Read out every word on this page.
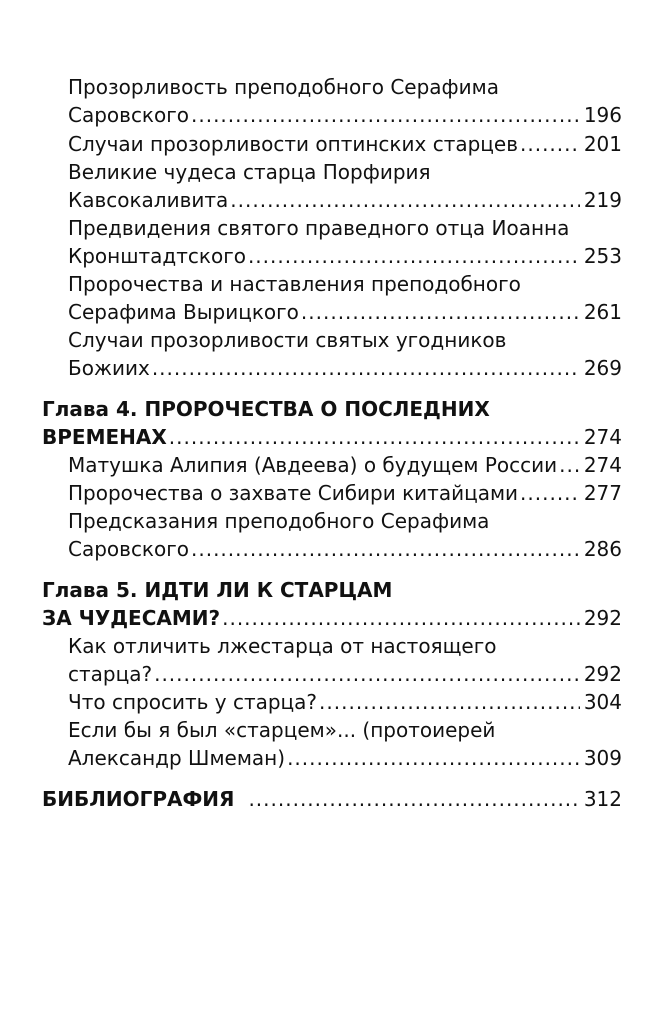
Прозорливость преподобного Серафима
Саровского .....	196
Случаи прозорливости оптинских старцев .....	201
Великие чудеса старца Порфирия
Кавсокаливита .....	219
Предвидения святого праведного отца Иоанна
Кронштадтского .....	253
Пророчества и наставления преподобного
Серафима Вырицкого .....	261
Случаи прозорливости святых угодников
Божиих .....	269
Глава 4. ПРОРОЧЕСТВА О ПОСЛЕДНИХ
ВРЕМЕНАХ .....	274
Матушка Алипия (Авдеева) о будущем России ..... 274
Пророчества о захвате Сибири китайцами .....	277
Предсказания преподобного Серафима
Саровского .....	286
Глава 5. ИДТИ ЛИ К СТАРЦАМ
ЗА ЧУДЕСАМИ? .....	292
Как отличить лжестарца от настоящего
старца? .....	292
Что спросить у старца? .....	304
Если бы я был «старцем»... (протоиерей
Александр Шмеман) .....	309
БИБЛИОГРАФИЯ .....	312
